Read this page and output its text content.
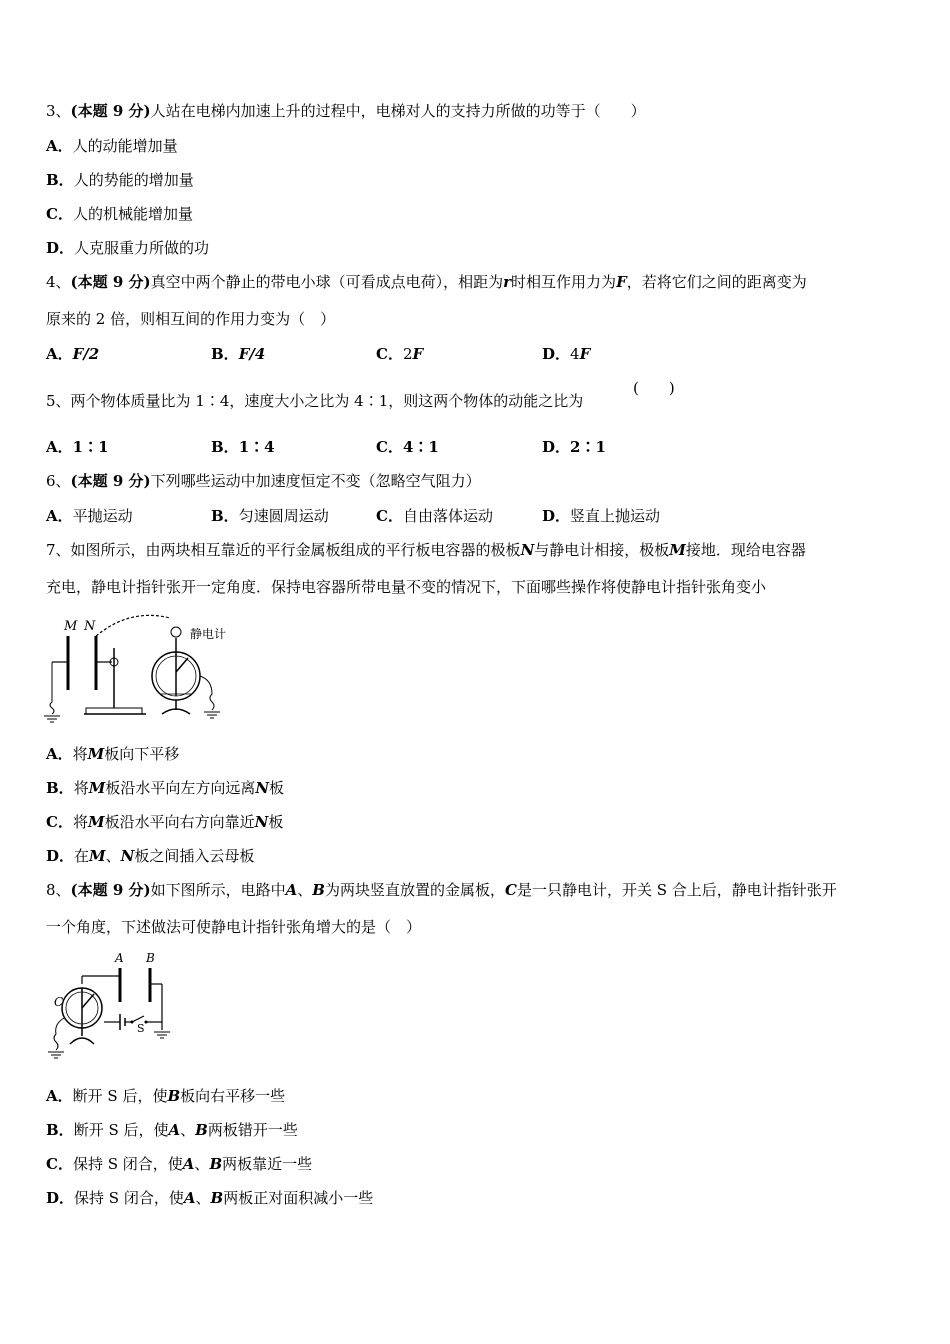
3、(本题 9 分)人站在电梯内加速上升的过程中，电梯对人的支持力所做的功等于（　　）
A．人的动能增加量
B．人的势能的增加量
C．人的机械能增加量
D．人克服重力所做的功
4、(本题 9 分)真空中两个静止的带电小球（可看成点电荷），相距为r时相互作用力为F，若将它们之间的距离变为
原来的 2 倍，则相互间的作用力变为（　）
A．F/2	B．F/4	C．2F	D．4F
5、两个物体质量比为 1∶4，速度大小之比为 4∶1，则这两个物体的动能之比为
(　　)
A．1∶1	B．1∶4	C．4∶1	D．2∶1
6、(本题 9 分)下列哪些运动中加速度恒定不变（忽略空气阻力）
A．平抛运动	B．匀速圆周运动	C．自由落体运动	D．竖直上抛运动
7、如图所示，由两块相互靠近的平行金属板组成的平行板电容器的极板N与静电计相接，极板M接地．现给电容器
充电，静电计指针张开一定角度．保持电容器所带电量不变的情况下，下面哪些操作将使静电计指针张角变小
M N	静电计
A．将M板向下平移
B．将M板沿水平向左方向远离N板
C．将M板沿水平向右方向靠近N板
D．在M、N板之间插入云母板
8、(本题 9 分)如下图所示，电路中A、B为两块竖直放置的金属板，C是一只静电计，开关 S 合上后，静电计指针张开
一个角度，下述做法可使静电计指针张角增大的是（　）
A B
C
S
A．断开 S 后，使B板向右平移一些
B．断开 S 后，使A、B两板错开一些
C．保持 S 闭合，使A、B两板靠近一些
D．保持 S 闭合，使A、B两板正对面积减小一些
